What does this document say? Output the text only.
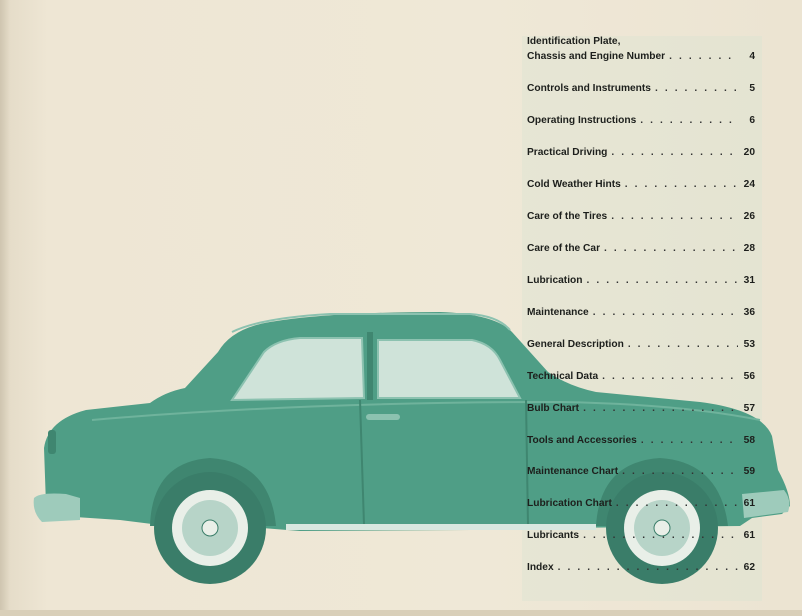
Identification Plate,
Chassis and Engine Number . . .	4
Controls and Instruments . . .	5
Operating Instructions . . .	6
Practical Driving . . .	20
Cold Weather Hints . . .	24
Care of the Tires . . .	26
Care of the Car . . .	28
Lubrication . . .	31
Maintenance . . .	36
General Description . . .	53
Technical Data . . .	56
Bulb Chart . . .	57
Tools and Accessories . . .	58
Maintenance Chart . . .	59
Lubrication Chart . . .	61
Lubricants . . .	61
Index . . .	62
